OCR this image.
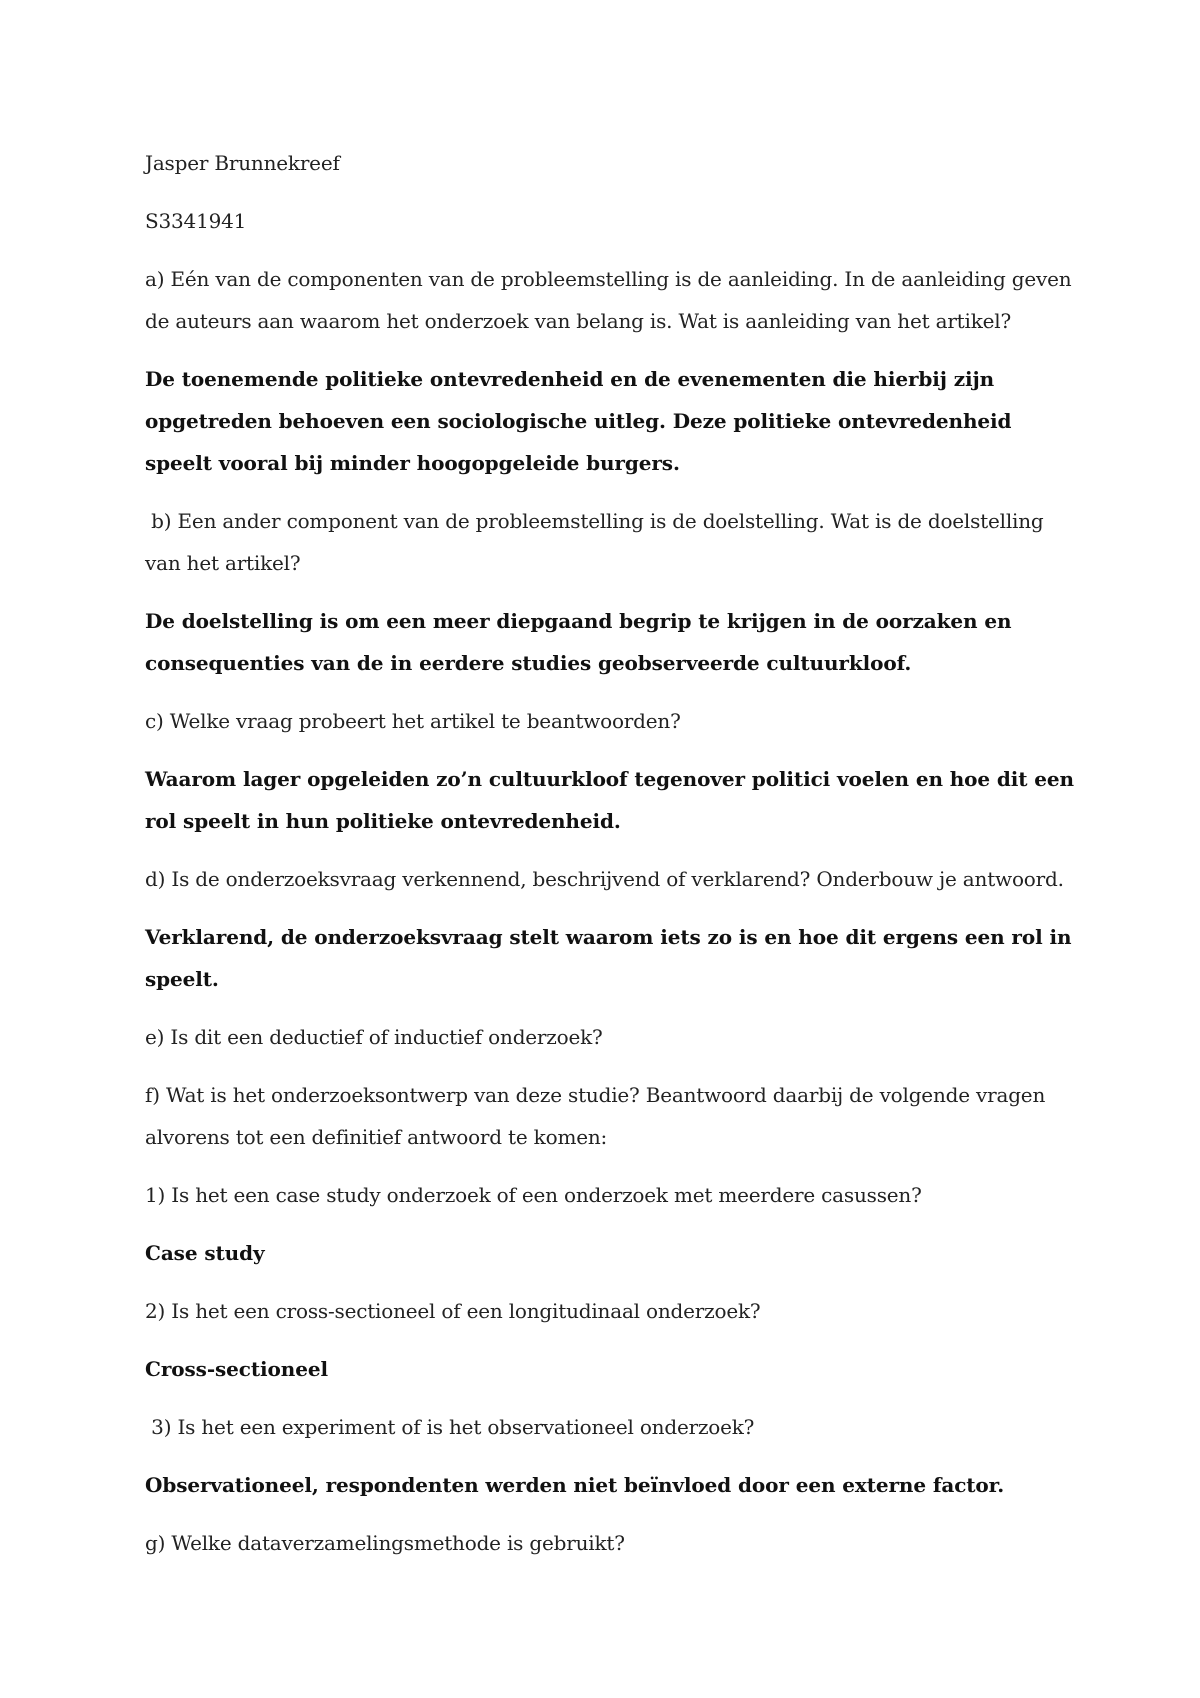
Jasper Brunnekreef

S3341941

a) Eén van de componenten van de probleemstelling is de aanleiding. In de aanleiding geven de auteurs aan waarom het onderzoek van belang is. Wat is aanleiding van het artikel?

De toenemende politieke ontevredenheid en de evenementen die hierbij zijn opgetreden behoeven een sociologische uitleg. Deze politieke ontevredenheid speelt vooral bij minder hoogopgeleide burgers.

b) Een ander component van de probleemstelling is de doelstelling. Wat is de doelstelling van het artikel?

De doelstelling is om een meer diepgaand begrip te krijgen in de oorzaken en consequenties van de in eerdere studies geobserveerde cultuurkloof.

c) Welke vraag probeert het artikel te beantwoorden?

Waarom lager opgeleiden zo’n cultuurkloof tegenover politici voelen en hoe dit een rol speelt in hun politieke ontevredenheid.

d) Is de onderzoeksvraag verkennend, beschrijvend of verklarend? Onderbouw je antwoord.

Verklarend, de onderzoeksvraag stelt waarom iets zo is en hoe dit ergens een rol in speelt.

e) Is dit een deductief of inductief onderzoek?

f) Wat is het onderzoeksontwerp van deze studie? Beantwoord daarbij de volgende vragen alvorens tot een definitief antwoord te komen:

1) Is het een case study onderzoek of een onderzoek met meerdere casussen?

Case study

2) Is het een cross-sectioneel of een longitudinaal onderzoek?

Cross-sectioneel

3) Is het een experiment of is het observationeel onderzoek?

Observationeel, respondenten werden niet beïnvloed door een externe factor.

g) Welke dataverzamelingsmethode is gebruikt?
